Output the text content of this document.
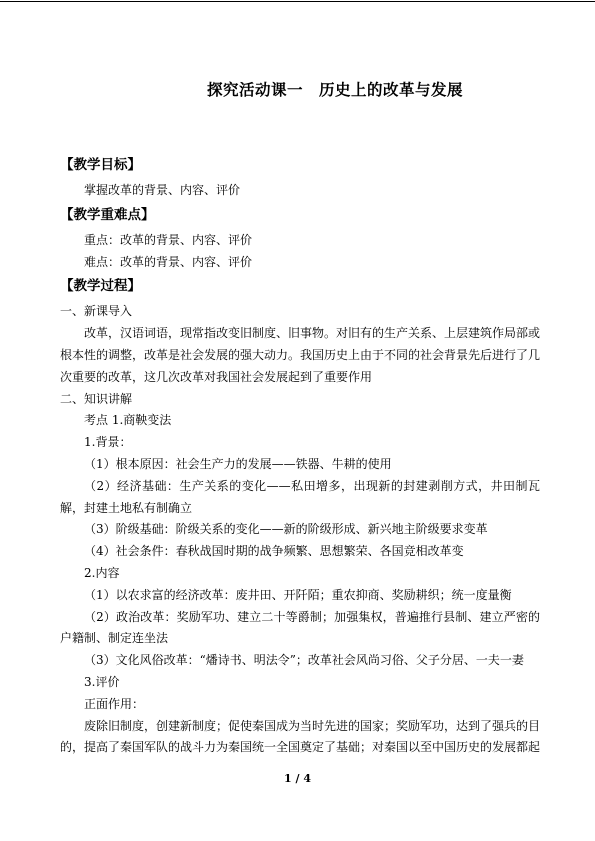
探究活动课一　历史上的改革与发展
【教学目标】

掌握改革的背景、内容、评价

【教学重难点】

重点：改革的背景、内容、评价

难点：改革的背景、内容、评价

【教学过程】

一、新课导入

改革，汉语词语，现常指改变旧制度、旧事物。对旧有的生产关系、上层建筑作局部或根本性的调整，改革是社会发展的强大动力。我国历史上由于不同的社会背景先后进行了几次重要的改革，这几次改革对我国社会发展起到了重要作用

二、知识讲解

考点 1.商鞅变法

1.背景：

（1）根本原因：社会生产力的发展——铁器、牛耕的使用

（2）经济基础：生产关系的变化——私田增多，出现新的封建剥削方式，井田制瓦解，封建土地私有制确立

（3）阶级基础：阶级关系的变化——新的阶级形成、新兴地主阶级要求变革

（4）社会条件：春秋战国时期的战争频繁、思想繁荣、各国竞相改革变

2.内容

（1）以农求富的经济改革：废井田、开阡陌；重农抑商、奖励耕织；统一度量衡

（2）政治改革：奖励军功、建立二十等爵制；加强集权，普遍推行县制、建立严密的户籍制、制定连坐法

（3）文化风俗改革：“燔诗书、明法令”；改革社会风尚习俗、父子分居、一夫一妻

3.评价

正面作用：

废除旧制度，创建新制度；促使秦国成为当时先进的国家；奖励军功，达到了强兵的目的，提高了秦国军队的战斗力为秦国统一全国奠定了基础；对秦国以至中国历史的发展都起

1 / 4
